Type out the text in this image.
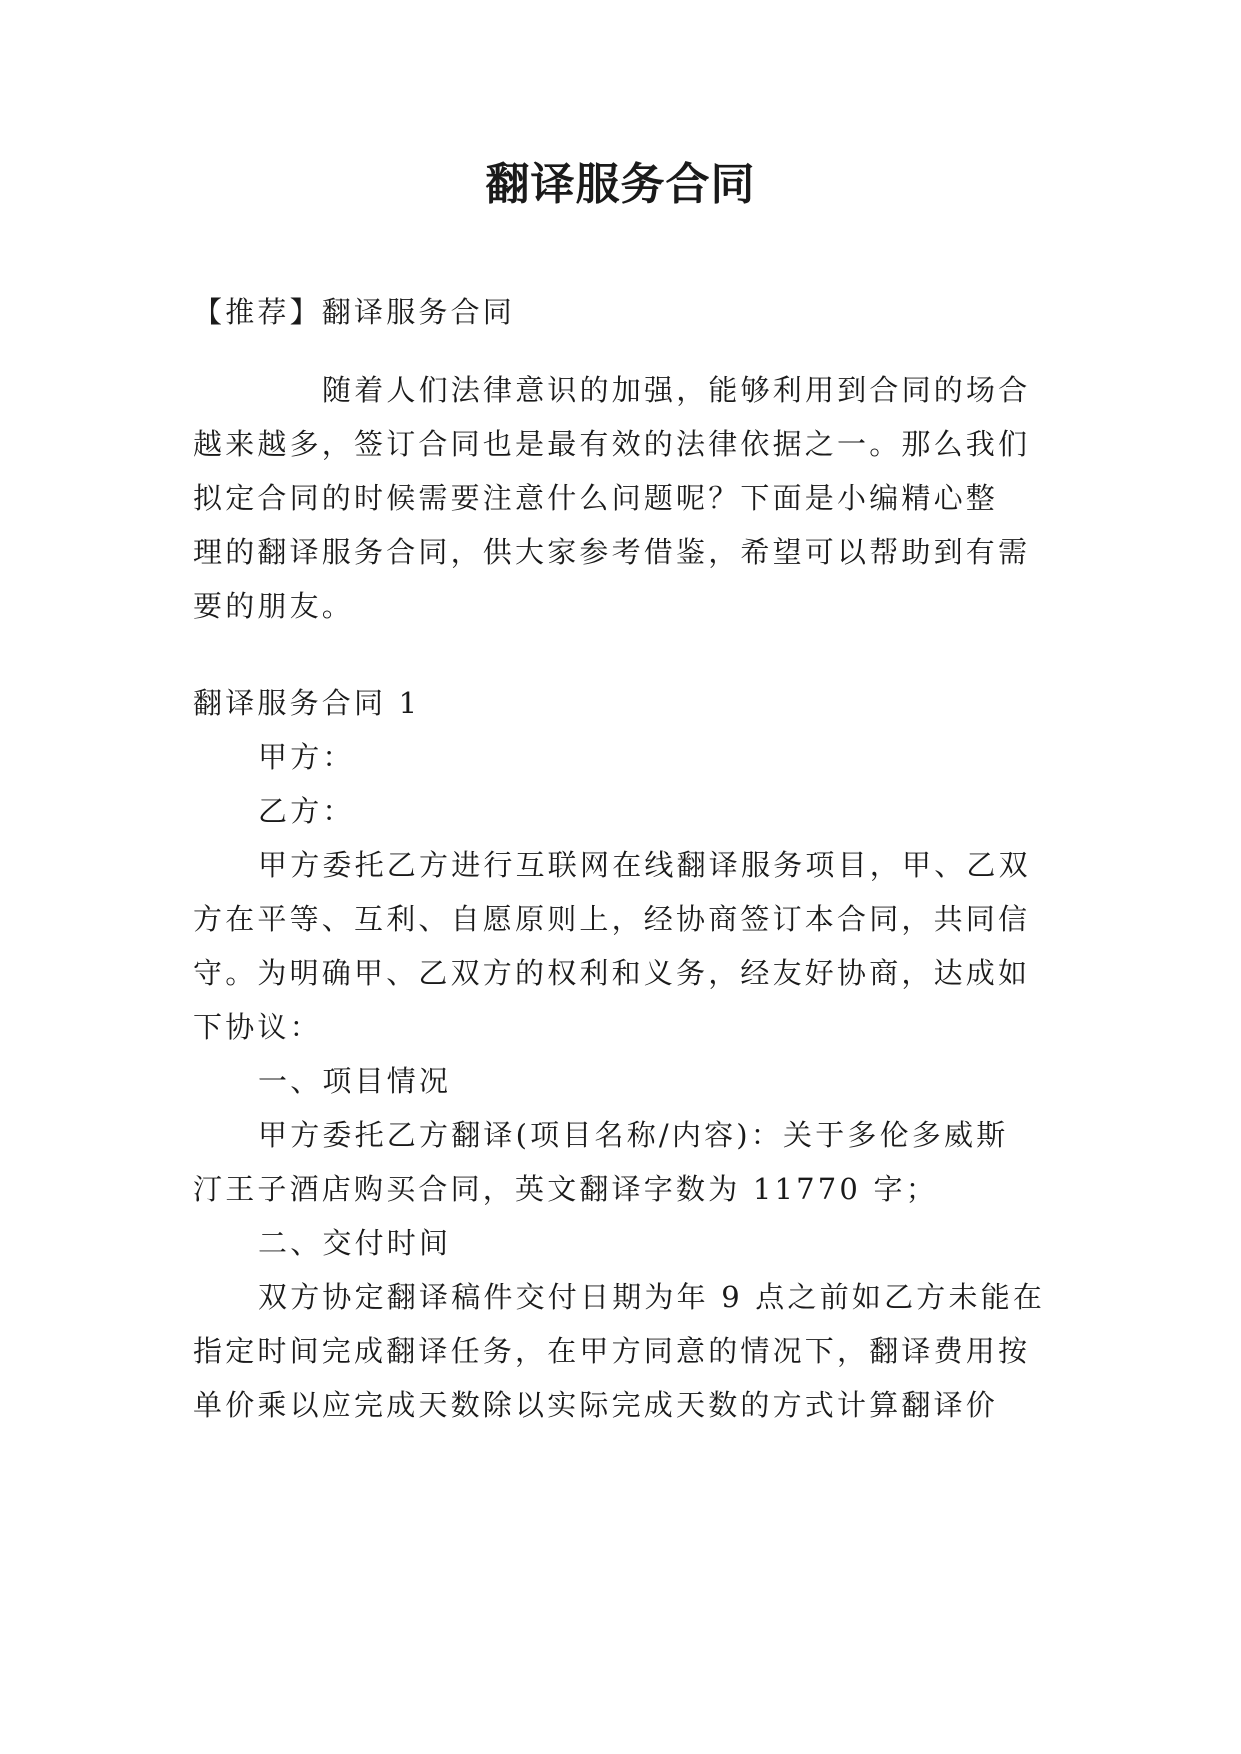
翻译服务合同
【推荐】翻译服务合同
随着人们法律意识的加强，能够利用到合同的场合
越来越多，签订合同也是最有效的法律依据之一。那么我们
拟定合同的时候需要注意什么问题呢？下面是小编精心整
理的翻译服务合同，供大家参考借鉴，希望可以帮助到有需
要的朋友。
翻译服务合同 1
甲方：
乙方：
甲方委托乙方进行互联网在线翻译服务项目，甲、乙双
方在平等、互利、自愿原则上，经协商签订本合同，共同信
守。为明确甲、乙双方的权利和义务，经友好协商，达成如
下协议：
一、项目情况
甲方委托乙方翻译(项目名称/内容)：关于多伦多威斯
汀王子酒店购买合同，英文翻译字数为 11770 字；
二、交付时间
双方协定翻译稿件交付日期为年 9 点之前如乙方未能在
指定时间完成翻译任务，在甲方同意的情况下，翻译费用按
单价乘以应完成天数除以实际完成天数的方式计算翻译价
